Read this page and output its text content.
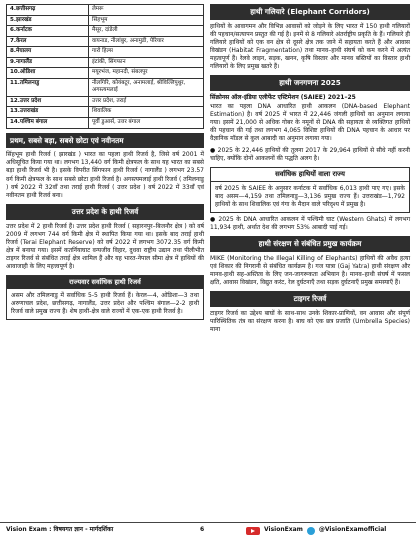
4.छत्तीसगढ़	लेमरू
5.झारखंड	सिंहभूम
6.कर्नाटक	मैसूर, दांडेली
7.केरल	वायनाड, नीलांबुर, अनामुडी, पेरियार
8.मेघालय	गारो हिल्स
9.नागालैंड	इंटांकी, सिंगफान
10.ओडिशा	मयूरभंज, महानदी, संबलपुर
11.तमिलनाडु	नीलगिरि, कोयंबटूर, अनामलाई, श्रीविल्लिपुथुर, अगस्त्यमलाई
12.उत्तर प्रदेश	उत्तर प्रदेश, तराई
13.उत्तराखंड	शिवालिक
14.पश्चिम बंगाल	पूर्वी डुआर्स, उत्तर बंगाल
प्रथम, सबसे बड़ा, सबसे छोटा एवं नवीनतम
सिंहभूम हाथी रिजर्व ( झारखंड ) भारत का पहला हाथी रिजर्व है, जिसे वर्ष 2001 में अधिसूचित किया गया था। लगभग 13,440 वर्ग किमी क्षेत्रफल के साथ यह भारत का सबसे बड़ा हाथी रिजर्व भी है। इसके विपरीत सिंगफान हाथी रिजर्व ( नागालैंड ) लगभग 23.57 वर्ग किमी क्षेत्रफल के साथ सबसे छोटा हाथी रिजर्व है। अगस्त्यमलाई हाथी रिजर्व ( तमिलनाडु ) वर्ष 2022 में 32वाँ तथा तराई हाथी रिजर्व ( उत्तर प्रदेश ) वर्ष 2022 में 33वाँ एवं नवीनतम हाथी रिजर्व बना।
उत्तर प्रदेश के हाथी रिजर्व
उत्तर प्रदेश में 2 हाथी रिजर्व हैं। उत्तर प्रदेश हाथी रिजर्व ( सहारनपुर–बिजनौर क्षेत्र ) को वर्ष 2009 में लगभग 744 वर्ग किमी क्षेत्र में स्थापित किया गया था। इसके बाद तराई हाथी रिजर्व (Terai Elephant Reserve) को वर्ष 2022 में लगभग 3072.35 वर्ग किमी क्षेत्र में बनाया गया। इसमें कतर्नियाघाट वन्यजीव विहार, दुधवा राष्ट्रीय उद्यान तथा पीलीभीत टाइगर रिजर्व से संबंधित तराई क्षेत्र शामिल हैं और यह भारत-नेपाल सीमा क्षेत्र में हाथियों की आवाजाही के लिए महत्त्वपूर्ण है।
राज्यवार सर्वाधिक हाथी रिजर्व
असम और तमिलनाडु में सर्वाधिक 5-5 हाथी रिजर्व हैं। केरल—4, ओडिशा—3 तथा अरुणाचल प्रदेश, छत्तीसगढ़, नागालैंड, उत्तर प्रदेश और पश्चिम बंगाल—2-2 हाथी रिजर्व वाले प्रमुख राज्य हैं। शेष हाथी-क्षेत्र वाले राज्यों में एक-एक हाथी रिजर्व है।
हाथी गलियारे (Elephant Corridors)
हाथियों के आवागमन और विभिन्न आवासों को जोड़ने के लिए भारत में 150 हाथी गलियारों की पहचान/सत्यापन प्रस्तुत की गई है। इनमें से 8 गलियारे अंतर्राष्ट्रीय प्रकृति के हैं। गलियारे ही गलियारे हाथियों को एक वन क्षेत्र से दूसरे क्षेत्र तक जाने में सहायता करते हैं और आवास विखंडन (Habitat Fragmentation) तथा मानव–हाथी संघर्ष को कम करने में अत्यंत महत्वपूर्ण हैं। रेलवे लाइन, सड़क, खनन, कृषि विस्तार और मानव बस्तियों का विस्तार हाथी गलियारों के लिए प्रमुख खतरे हैं।
हाथी जनगणना 2025
सिंक्रोनस ऑल-इंडिया एलीफेंट एस्टिमेशन (SAIEE) 2021–25
भारत का पहला DNA आधारित हाथी आकलन (DNA-based Elephant Estimation) है। वर्ष 2025 में भारत में 22,446 जंगली हाथियों का अनुमान लगाया गया। इसमें 21,000 से अधिक गोबर के नमूनों से DNA की सहायता से व्यक्तिगत हाथियों की पहचान की गई तथा लगभग 4,065 विशिष्ट हाथियों की DNA पहचान के आधार पर वैज्ञानिक मॉडल से कुल आबादी का अनुमान लगाया गया।
● 2025 के 22,446 हाथियों की तुलना 2017 के 29,964 हाथियों से सीधे नहीं करनी चाहिए, क्योंकि दोनों आकलनों की पद्धति अलग है।
सर्वाधिक हाथियों वाला राज्य
वर्ष 2025 के SAIEE के अनुसार कर्नाटक में सर्वाधिक 6,013 हाथी पाए गए। इसके बाद असम—4,159 तथा तमिलनाडु—3,136 प्रमुख राज्य हैं। उत्तराखंड—1,792 हाथियों के साथ शिवालिक एवं गंगा के मैदान वाले परिदृश्य में प्रमुख है।
● 2025 के DNA आधारित आकलन में पश्चिमी घाट (Western Ghats) में लगभग 11,934 हाथी, अर्थात देश की लगभग 53% आबादी पाई गई।
हाथी संरक्षण से संबंधित प्रमुख कार्यक्रम
MIKE (Monitoring the Illegal Killing of Elephants) हाथियों की अवैध हत्या एवं शिकार की निगरानी से संबंधित कार्यक्रम है। गज यात्रा (Gaj Yatra) हाथी संरक्षण और मानव-हाथी सह-अस्तित्व के लिए जन-जागरूकता अभियान है। मानव–हाथी संघर्ष में फसल क्षति, आवास विखंडन, विद्युत करंट, रेल दुर्घटनाएँ तथा सड़क दुर्घटनाएँ प्रमुख समस्याएँ हैं।
टाइगर रिजर्व
टाइगर रिजर्व का उद्देश्य बाघों के साथ-साथ उनके शिकार-प्राणियों, वन आवास और संपूर्ण पारिस्थितिक तंत्र का संरक्षण करना है। बाघ को एक छत्र प्रजाति (Umbrella Species) माना
Vision Exam : विषयगत ज्ञान - मार्गदर्शिका	6	VisionExam	@VisionExamofficial
